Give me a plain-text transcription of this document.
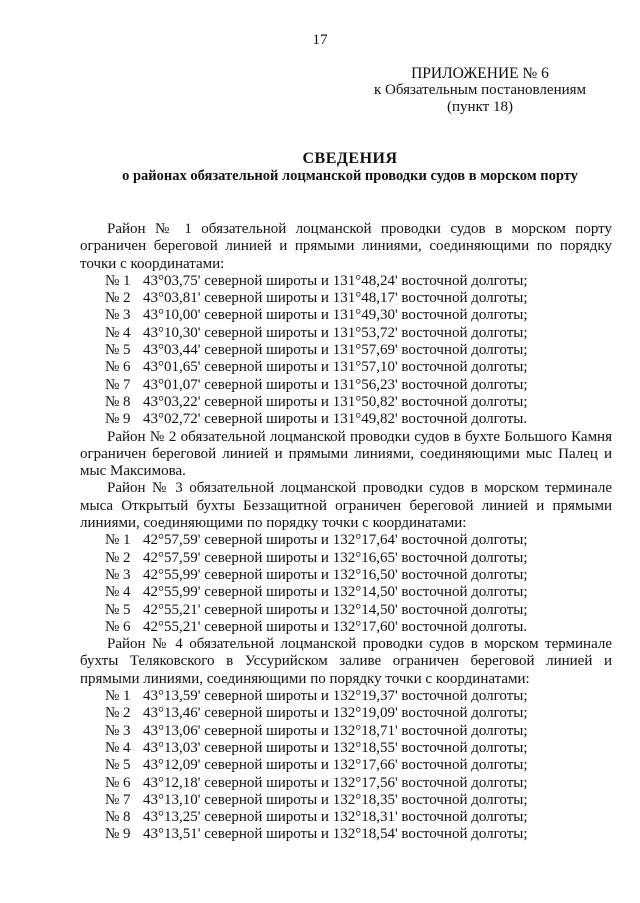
17
ПРИЛОЖЕНИЕ № 6
к Обязательным постановлениям
(пункт 18)
СВЕДЕНИЯ
о районах обязательной лоцманской проводки судов в морском порту

Район № 1 обязательной лоцманской проводки судов в морском порту ограничен береговой линией и прямыми линиями, соединяющими по порядку точки с координатами:

№ 1 43°03,75' северной широты и 131°48,24' восточной долготы;

№ 2 43°03,81' северной широты и 131°48,17' восточной долготы;

№ 3 43°10,00' северной широты и 131°49,30' восточной долготы;

№ 4 43°10,30' северной широты и 131°53,72' восточной долготы;

№ 5 43°03,44' северной широты и 131°57,69' восточной долготы;

№ 6 43°01,65' северной широты и 131°57,10' восточной долготы;

№ 7 43°01,07' северной широты и 131°56,23' восточной долготы;

№ 8 43°03,22' северной широты и 131°50,82' восточной долготы;

№ 9 43°02,72' северной широты и 131°49,82' восточной долготы.

Район № 2 обязательной лоцманской проводки судов в бухте Большого Камня ограничен береговой линией и прямыми линиями, соединяющими мыс Палец и мыс Максимова.

Район № 3 обязательной лоцманской проводки судов в морском терминале мыса Открытый бухты Беззащитной ограничен береговой линией и прямыми линиями, соединяющими по порядку точки с координатами:

№ 1 42°57,59' северной широты и 132°17,64' восточной долготы;

№ 2 42°57,59' северной широты и 132°16,65' восточной долготы;

№ 3 42°55,99' северной широты и 132°16,50' восточной долготы;

№ 4 42°55,99' северной широты и 132°14,50' восточной долготы;

№ 5 42°55,21' северной широты и 132°14,50' восточной долготы;

№ 6 42°55,21' северной широты и 132°17,60' восточной долготы.

Район № 4 обязательной лоцманской проводки судов в морском терминале бухты Теляковского в Уссурийском заливе ограничен береговой линией и прямыми линиями, соединяющими по порядку точки с координатами:

№ 1 43°13,59' северной широты и 132°19,37' восточной долготы;

№ 2 43°13,46' северной широты и 132°19,09' восточной долготы;

№ 3 43°13,06' северной широты и 132°18,71' восточной долготы;

№ 4 43°13,03' северной широты и 132°18,55' восточной долготы;

№ 5 43°12,09' северной широты и 132°17,66' восточной долготы;

№ 6 43°12,18' северной широты и 132°17,56' восточной долготы;

№ 7 43°13,10' северной широты и 132°18,35' восточной долготы;

№ 8 43°13,25' северной широты и 132°18,31' восточной долготы;

№ 9 43°13,51' северной широты и 132°18,54' восточной долготы;
